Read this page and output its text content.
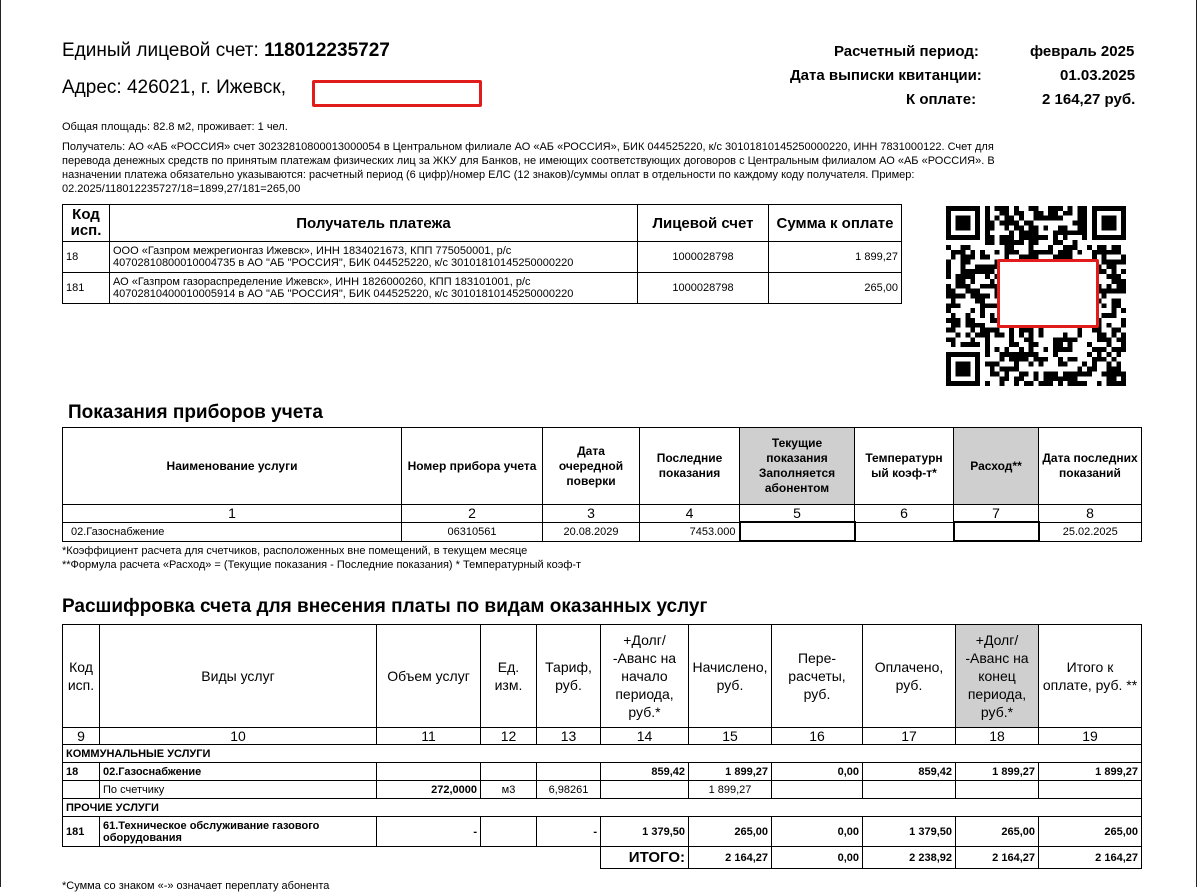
Единый лицевой счет: 118012235727
Адрес: 426021, г. Ижевск,
Расчетный период:	февраль 2025
Дата выписки квитанции:	01.03.2025
К оплате:	2 164,27 руб.
Общая площадь: 82.8 м2, проживает: 1 чел.
Получатель: АО «АБ «РОССИЯ» счет 30232810800013000054 в Центральном филиале АО «АБ «РОССИЯ», БИК 044525220, к/с 30101810145250000220, ИНН 7831000122. Счет для
перевода денежных средств по принятым платежам физических лиц за ЖКУ для Банков, не имеющих соответствующих договоров с Центральным филиалом АО «АБ «РОССИЯ». В
назначении платежа обязательно указываются: расчетный период (6 цифр)/номер ЕЛС (12 знаков)/суммы оплат в отдельности по каждому коду получателя. Пример:
02.2025/118012235727/18=1899,27/181=265,00
Код исп.	Получатель платежа	Лицевой счет	Сумма к оплате
18	ООО «Газпром межрегионгаз Ижевск», ИНН 1834021673, КПП 775050001, р/с
40702810800010004735 в АО "АБ "РОССИЯ", БИК 044525220, к/с 30101810145250000220	1000028798	1 899,27
181	АО «Газпром газораспределение Ижевск», ИНН 1826000260, КПП 183101001, р/с
40702810400010005914 в АО "АБ "РОССИЯ", БИК 044525220, к/с 30101810145250000220	1000028798	265,00
Показания приборов учета
Наименование услуги	Номер прибора учета	Дата очередной поверки	Последние показания	Текущие показания Заполняется абонентом	Температурн ый коэф-т*	Расход**	Дата последних показаний
1	2	3	4	5	6	7	8
02.Газоснабжение	06310561	20.08.2029	7453.000				25.02.2025
*Коэффициент расчета для счетчиков, расположенных вне помещений, в текущем месяце
**Формула расчета «Расход» = (Текущие показания - Последние показания) * Температурный коэф-т
Расшифровка счета для внесения платы по видам оказанных услуг
Код исп.	Виды услуг	Объем услуг	Ед. изм.	Тариф, руб.	+Долг/ -Аванс на начало периода, руб.*	Начислено, руб.	Пере- расчеты, руб.	Оплачено, руб.	+Долг/ -Аванс на конец периода, руб.*	Итого к оплате, руб. **
9	10	11	12	13	14	15	16	17	18	19
КОММУНАЛЬНЫЕ УСЛУГИ										
18	02.Газоснабжение				859,42	1 899,27	0,00	859,42	1 899,27	1 899,27
	По счетчику	272,0000	м3	6,98261		1 899,27				
ПРОЧИЕ УСЛУГИ										
181	61.Техническое обслуживание газового
оборудования	-		-	1 379,50	265,00	0,00	1 379,50	265,00	265,00
					ИТОГО:	2 164,27	0,00	2 238,92	2 164,27	2 164,27
*Сумма со знаком «-» означает переплату абонента
